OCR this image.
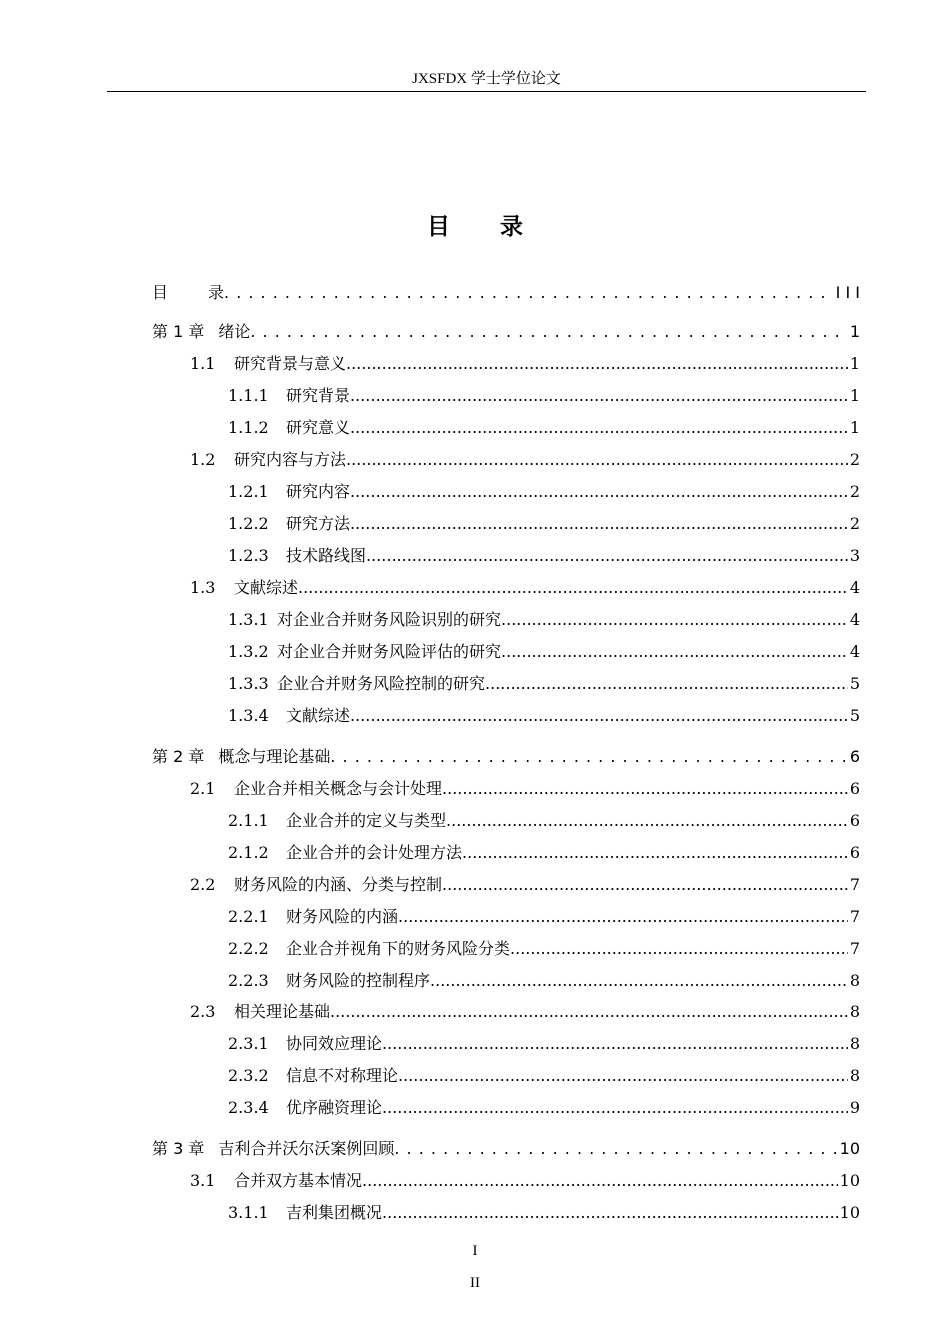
JXSFDX 学士学位论文
目 录
目	录 . . .	I I I
第 1 章 绪论 . . .	1
1.1	研究背景与意义 .....	1
1.1.1	研究背景 .....	1
1.1.2	研究意义 .....	1
1.2	研究内容与方法 .....	2
1.2.1	研究内容 .....	2
1.2.2	研究方法 .....	2
1.2.3	技术路线图 .....	3
1.3	文献综述 .....	4
1.3.1 对企业合并财务风险识别的研究 .....	4
1.3.2 对企业合并财务风险评估的研究 .....	4
1.3.3 企业合并财务风险控制的研究 .....	5
1.3.4	文献综述 .....	5
第 2 章 概念与理论基础 . . .	6
2.1	企业合并相关概念与会计处理 .....	6
2.1.1	企业合并的定义与类型 .....	6
2.1.2	企业合并的会计处理方法 .....	6
2.2	财务风险的内涵、分类与控制 .....	7
2.2.1	财务风险的内涵 .....	7
2.2.2	企业合并视角下的财务风险分类 .....	7
2.2.3	财务风险的控制程序 .....	8
2.3	相关理论基础 .....	8
2.3.1	协同效应理论 .....	8
2.3.2	信息不对称理论 .....	8
2.3.4	优序融资理论 .....	9
第 3 章 吉利合并沃尔沃案例回顾 . . .	10
3.1	合并双方基本情况 .....	10
3.1.1	吉利集团概况 .....	10
I
II
